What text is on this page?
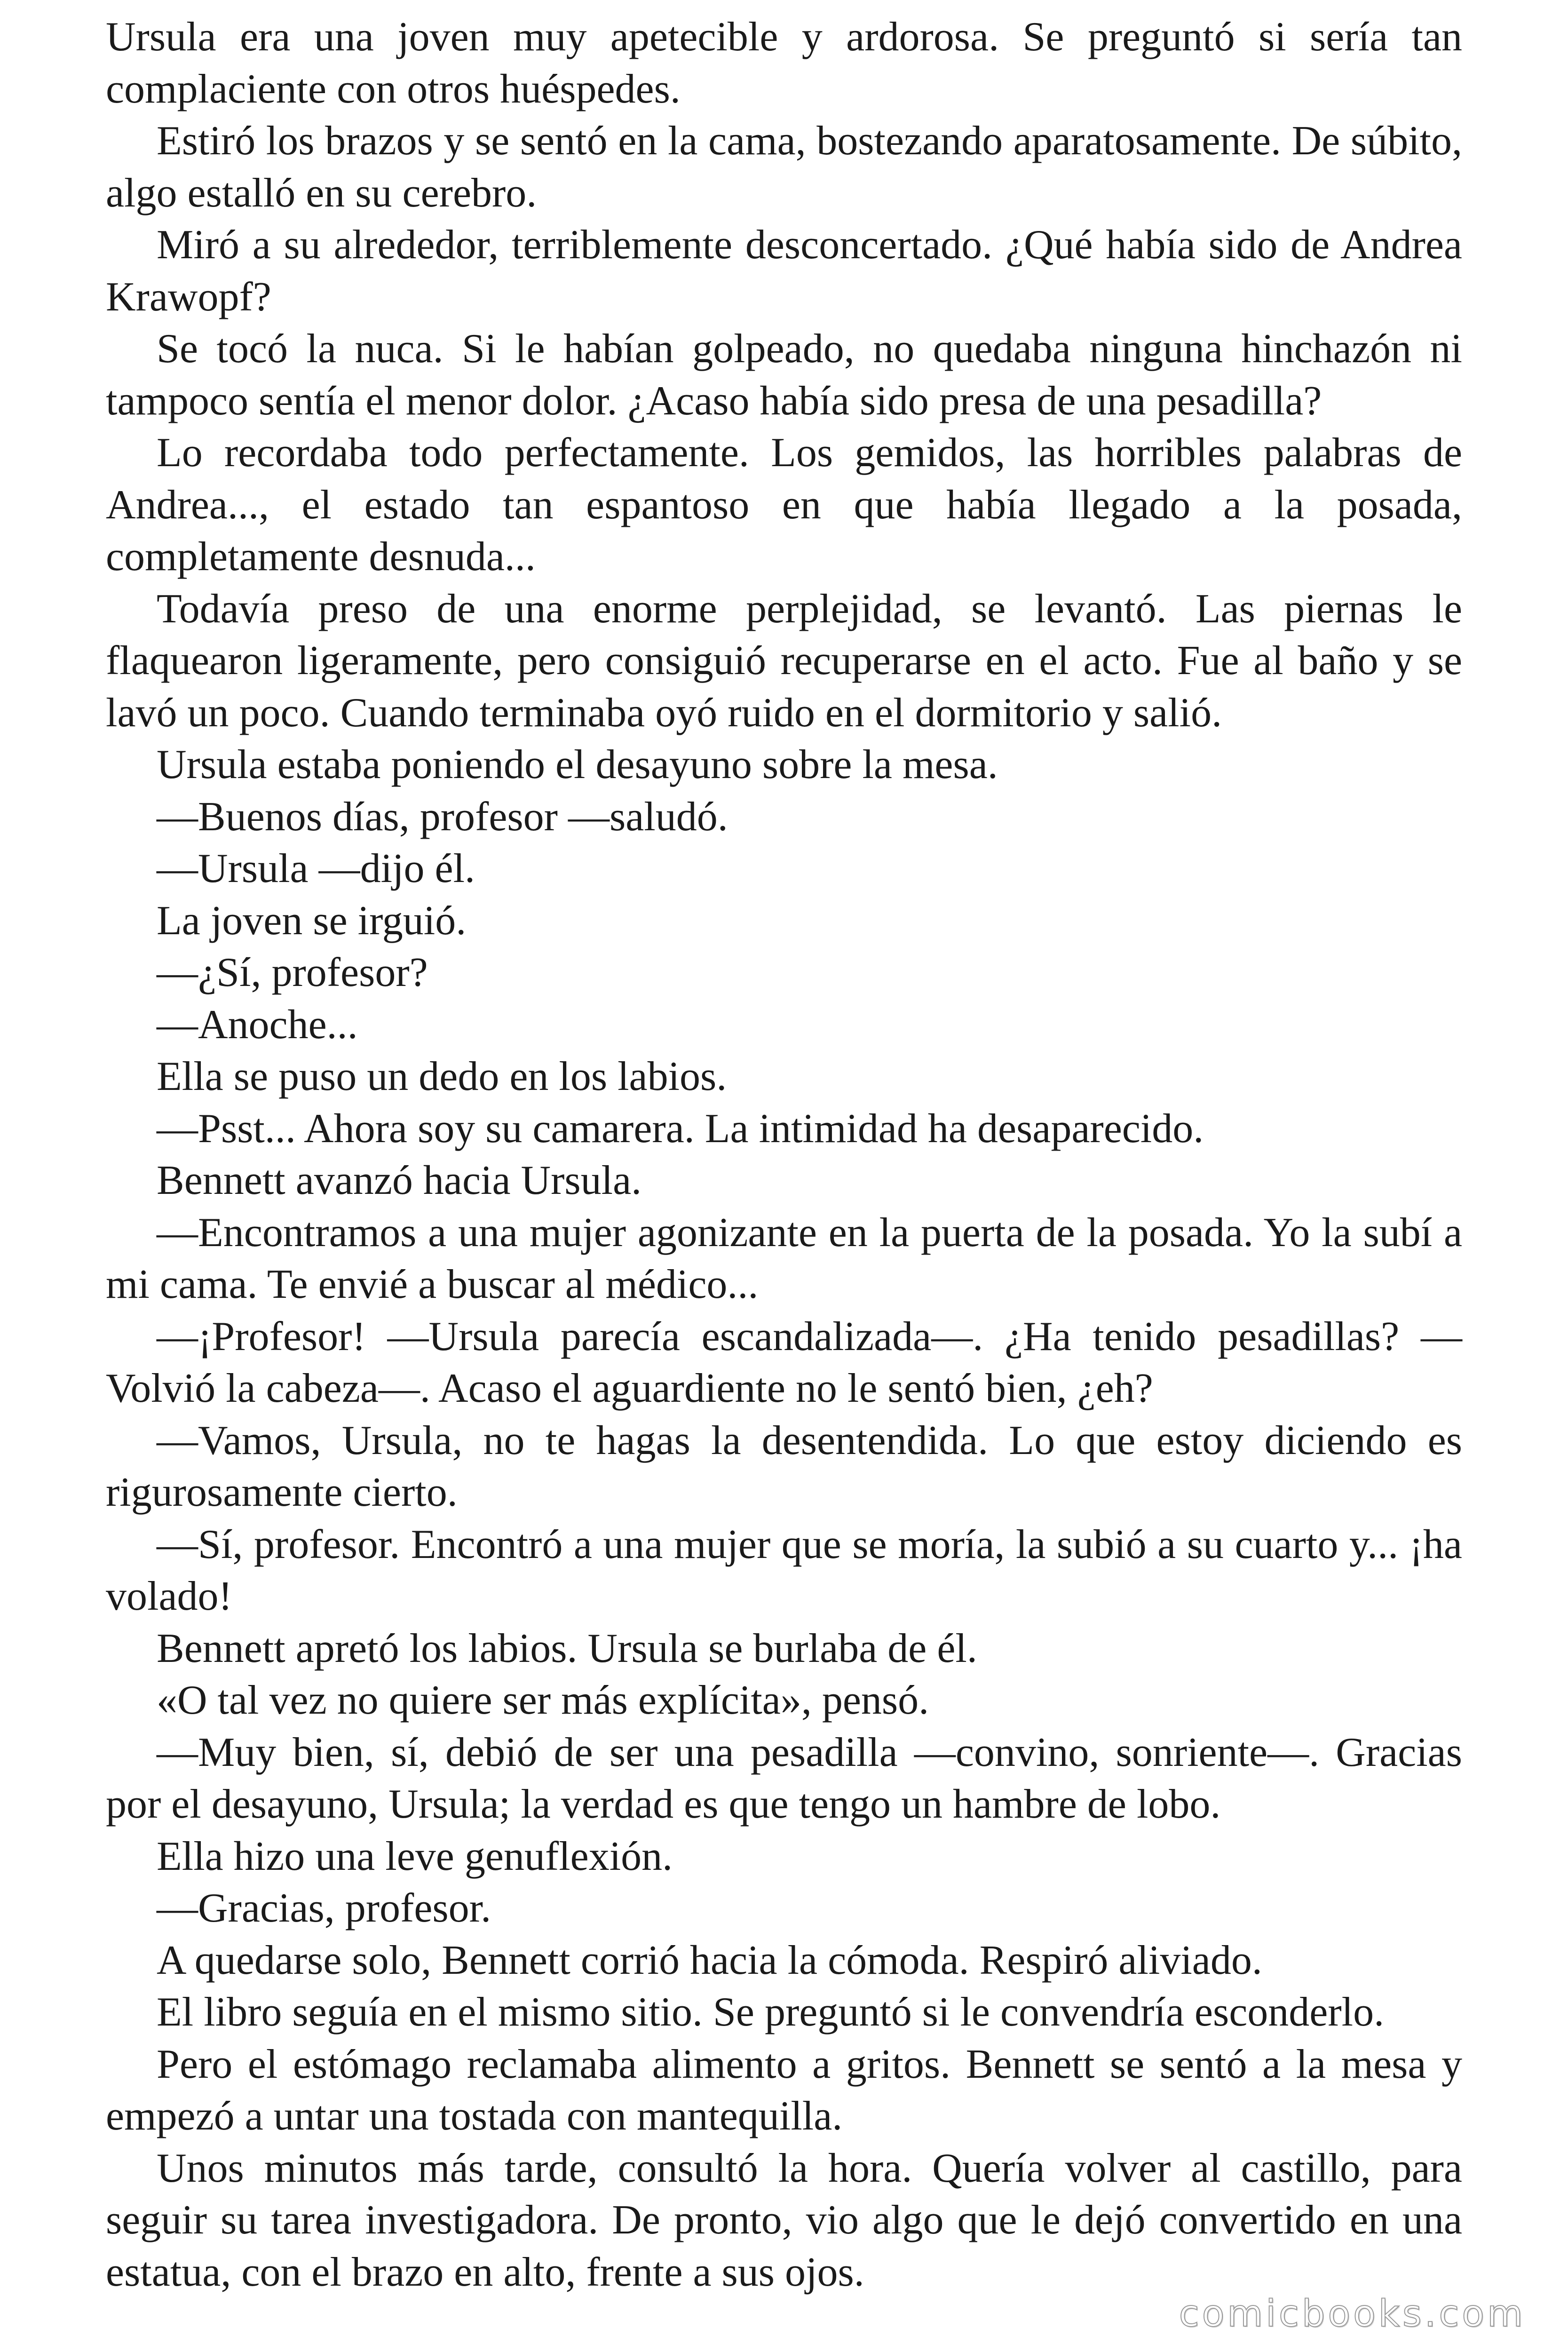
Ursula era una joven muy apetecible y ardorosa. Se preguntó si sería tan complaciente con otros huéspedes.

Estiró los brazos y se sentó en la cama, bostezando aparatosamente. De súbito, algo estalló en su cerebro.

Miró a su alrededor, terriblemente desconcertado. ¿Qué había sido de Andrea Krawopf?

Se tocó la nuca. Si le habían golpeado, no quedaba ninguna hinchazón ni tampoco sentía el menor dolor. ¿Acaso había sido presa de una pesadilla?

Lo recordaba todo perfectamente. Los gemidos, las horribles palabras de Andrea..., el estado tan espantoso en que había llegado a la posada, completamente desnuda...

Todavía preso de una enorme perplejidad, se levantó. Las piernas le flaquearon ligeramente, pero consiguió recuperarse en el acto. Fue al baño y se lavó un poco. Cuando terminaba oyó ruido en el dormitorio y salió.

Ursula estaba poniendo el desayuno sobre la mesa.

—Buenos días, profesor —saludó.

—Ursula —dijo él.

La joven se irguió.

—¿Sí, profesor?

—Anoche...

Ella se puso un dedo en los labios.

—Psst... Ahora soy su camarera. La intimidad ha desaparecido.

Bennett avanzó hacia Ursula.

—Encontramos a una mujer agonizante en la puerta de la posada. Yo la subí a mi cama. Te envié a buscar al médico...

—¡Profesor! —Ursula parecía escandalizada—. ¿Ha tenido pesadillas? —Volvió la cabeza—. Acaso el aguardiente no le sentó bien, ¿eh?

—Vamos, Ursula, no te hagas la desentendida. Lo que estoy diciendo es rigurosamente cierto.

—Sí, profesor. Encontró a una mujer que se moría, la subió a su cuarto y... ¡ha volado!

Bennett apretó los labios. Ursula se burlaba de él.

«O tal vez no quiere ser más explícita», pensó.

—Muy bien, sí, debió de ser una pesadilla —convino, sonriente—. Gracias por el desayuno, Ursula; la verdad es que tengo un hambre de lobo.

Ella hizo una leve genuflexión.

—Gracias, profesor.

A quedarse solo, Bennett corrió hacia la cómoda. Respiró aliviado.

El libro seguía en el mismo sitio. Se preguntó si le convendría esconderlo.

Pero el estómago reclamaba alimento a gritos. Bennett se sentó a la mesa y empezó a untar una tostada con mantequilla.

Unos minutos más tarde, consultó la hora. Quería volver al castillo, para seguir su tarea investigadora. De pronto, vio algo que le dejó convertido en una estatua, con el brazo en alto, frente a sus ojos.

comicbooks.com
